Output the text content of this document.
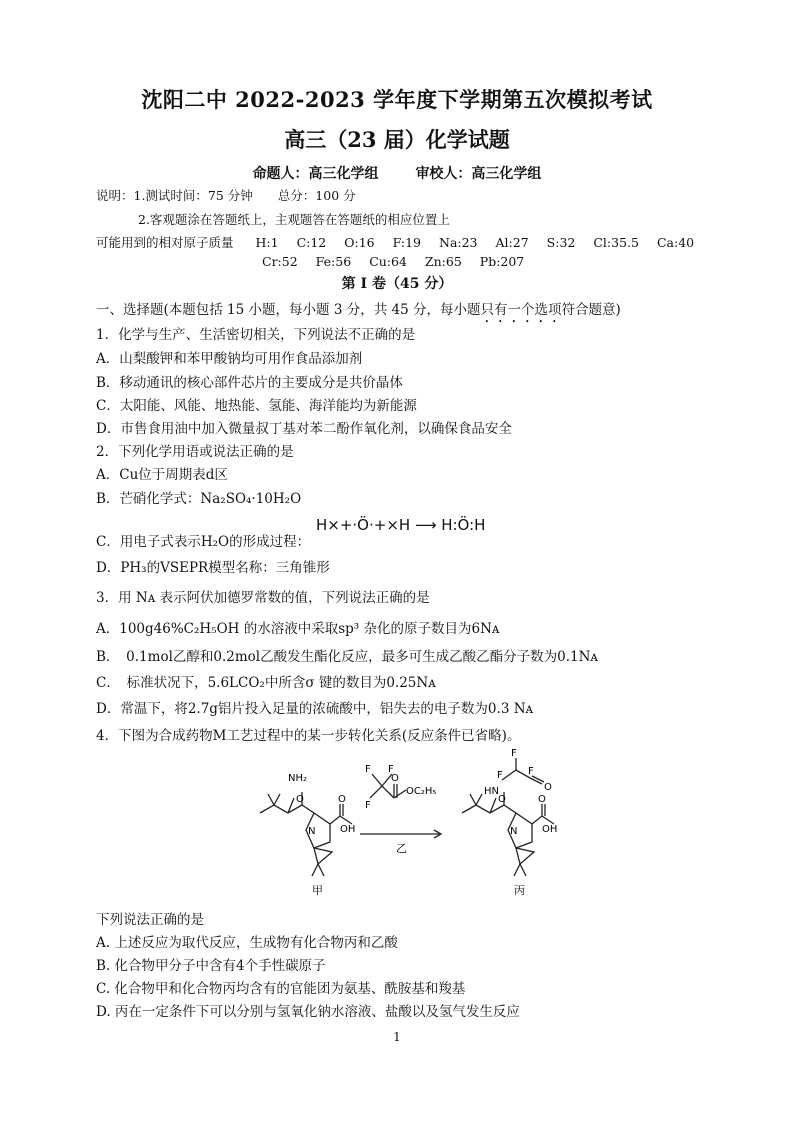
沈阳二中 2022-2023 学年度下学期第五次模拟考试
高三（23 届）化学试题
命题人：高三化学组	审校人：高三化学组
说明：1.测试时间：75 分钟　　总分：100 分
2.客观题涂在答题纸上，主观题答在答题纸的相应位置上
可能用到的相对原子质量 H:1 C:12 O:16 F:19 Na:23 Al:27 S:32 Cl:35.5 Ca:40
Cr:52 Fe:56 Cu:64 Zn:65 Pb:207
第 I 卷（45 分）
一、选择题(本题包括 15 小题，每小题 3 分，共 45 分，每小题只有一个选项符合题意)
1．化学与生产、生活密切相关，下列说法不正确的是
A．山梨酸钾和苯甲酸钠均可用作食品添加剂
B．移动通讯的核心部件芯片的主要成分是共价晶体
C．太阳能、风能、地热能、氢能、海洋能均为新能源
D．市售食用油中加入微量叔丁基对苯二酚作氧化剂，以确保食品安全
2．下列化学用语或说法正确的是
A．Cu位于周期表d区
B．芒硝化学式：Na₂SO₄·10H₂O
C．用电子式表示H₂O的形成过程：
H×+·Ö·+×H ⟶ H:Ö:H
D．PH₃的VSEPR模型名称：三角锥形
3．用 Nᴀ 表示阿伏加德罗常数的值，下列说法正确的是
A．100g46%C₂H₅OH 的水溶液中采取sp³ 杂化的原子数目为6Nᴀ
B．　0.1mol乙醇和0.2mol乙酸发生酯化反应，最多可生成乙酸乙酯分子数为0.1Nᴀ
C．　标准状况下，5.6LCO₂中所含σ 键的数目为0.25Nᴀ
D．常温下，将2.7g铝片投入足量的浓硫酸中，铝失去的电子数为0.3 Nᴀ
4．下图为合成药物M工艺过程中的某一步转化关系(反应条件已省略)。
NH₂
N
O
OH
O
甲
F F
F
O
OC₂H₅
乙
HN
F
F	F
O
N
O
OH
O
丙
下列说法正确的是
A. 上述反应为取代反应，生成物有化合物丙和乙酸
B. 化合物甲分子中含有4个手性碳原子
C. 化合物甲和化合物丙均含有的官能团为氨基、酰胺基和羧基
D. 丙在一定条件下可以分别与氢氧化钠水溶液、盐酸以及氢气发生反应
1
